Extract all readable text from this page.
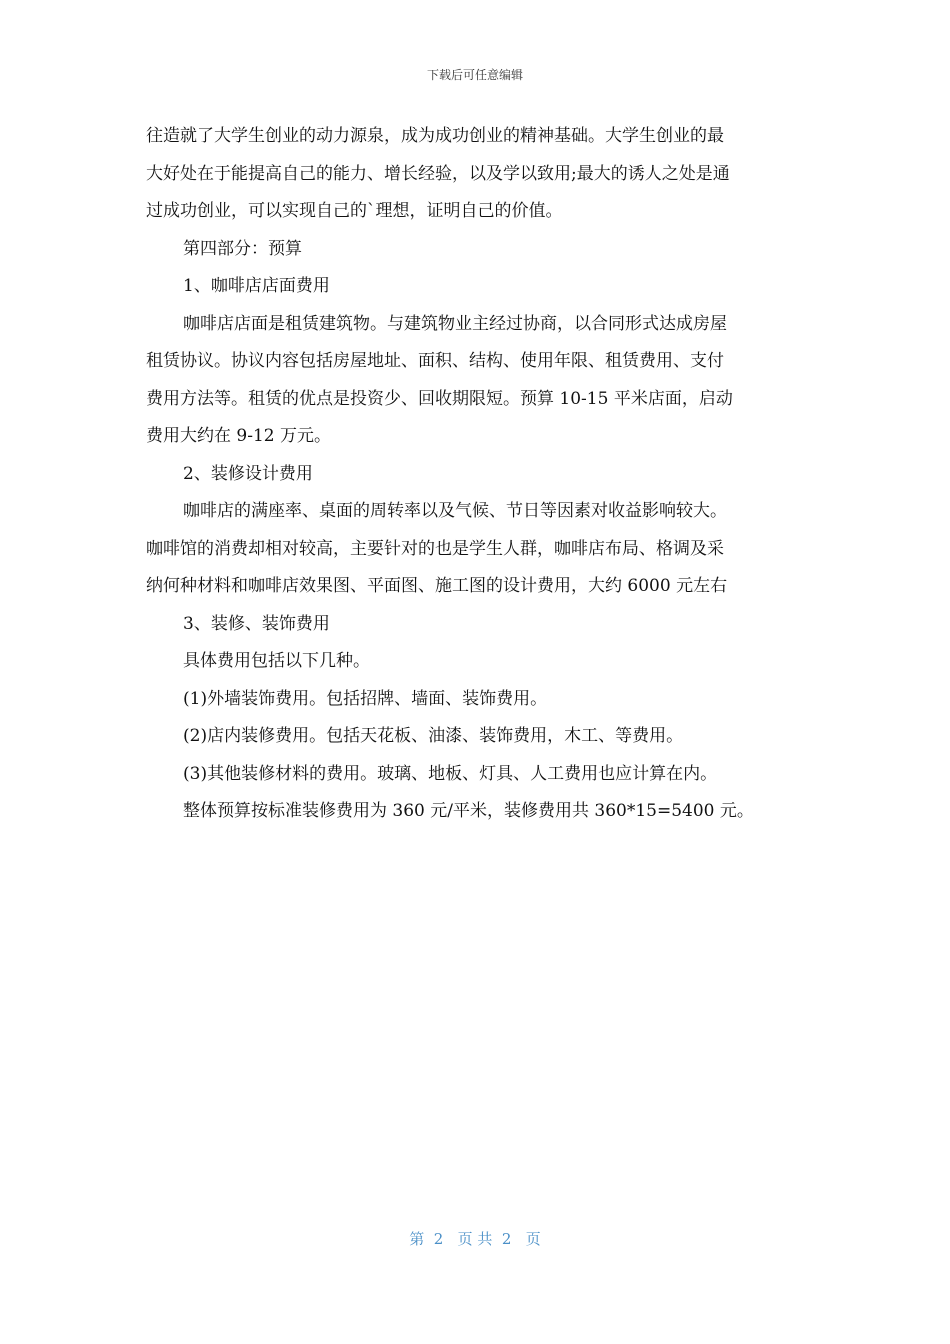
下载后可任意编辑

往造就了大学生创业的动力源泉，成为成功创业的精神基础。大学生创业的最

大好处在于能提高自己的能力、增长经验，以及学以致用;最大的诱人之处是通

过成功创业，可以实现自己的`理想，证明自己的价值。

第四部分：预算

1、咖啡店店面费用

咖啡店店面是租赁建筑物。与建筑物业主经过协商，以合同形式达成房屋

租赁协议。协议内容包括房屋地址、面积、结构、使用年限、租赁费用、支付

费用方法等。租赁的优点是投资少、回收期限短。预算 10-15 平米店面，启动

费用大约在 9-12 万元。

2、装修设计费用

咖啡店的满座率、桌面的周转率以及气候、节日等因素对收益影响较大。

咖啡馆的消费却相对较高，主要针对的也是学生人群，咖啡店布局、格调及采

纳何种材料和咖啡店效果图、平面图、施工图的设计费用，大约 6000 元左右

3、装修、装饰费用

具体费用包括以下几种。

(1)外墙装饰费用。包括招牌、墙面、装饰费用。

(2)店内装修费用。包括天花板、油漆、装饰费用，木工、等费用。

(3)其他装修材料的费用。玻璃、地板、灯具、人工费用也应计算在内。

整体预算按标准装修费用为 360 元/平米，装修费用共 360*15=5400 元。

第  2   页 共  2   页
